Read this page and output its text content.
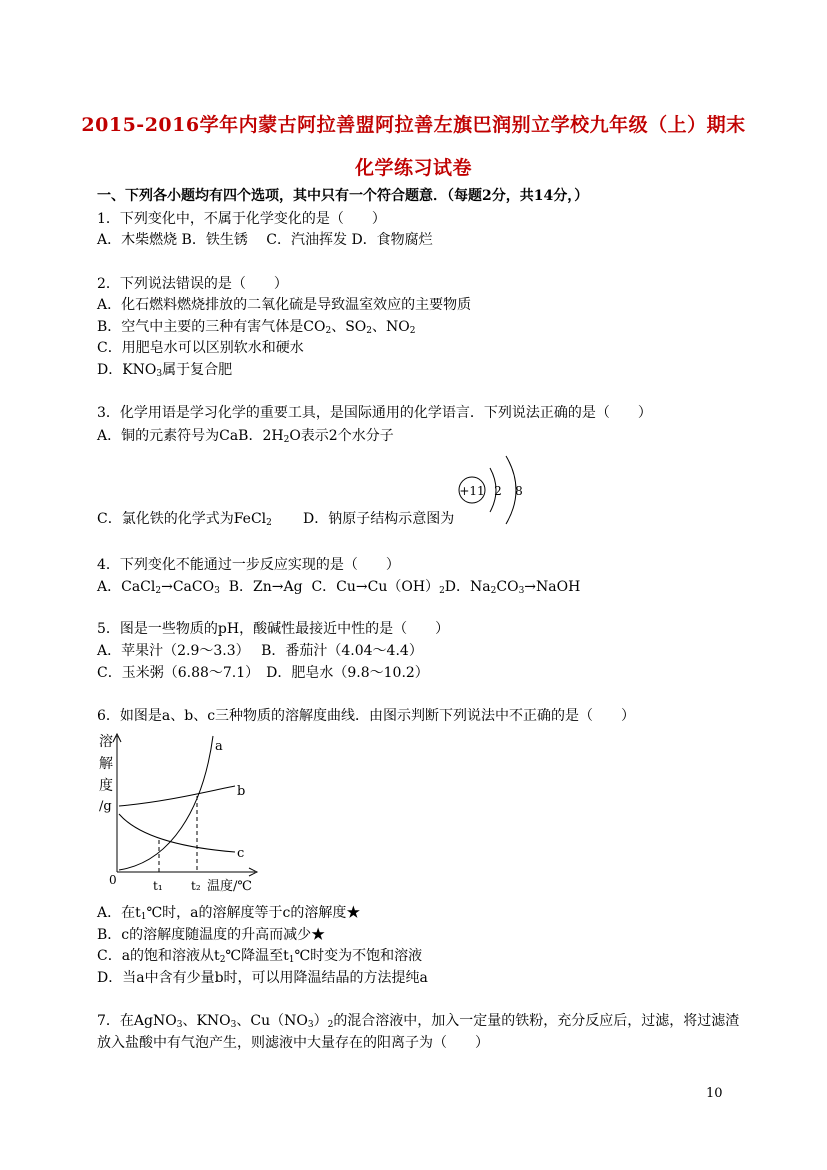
2015-2016学年内蒙古阿拉善盟阿拉善左旗巴润别立学校九年级（上）期末
化学练习试卷
一、下列各小题均有四个选项，其中只有一个符合题意．（每题2分，共14分，）
1．下列变化中，不属于化学变化的是（　　）
A．木柴燃烧 B．铁生锈　 C．汽油挥发 D．食物腐烂
2．下列说法错误的是（　　）
A．化石燃料燃烧排放的二氧化硫是导致温室效应的主要物质
B．空气中主要的三种有害气体是$CO_2$、$SO_2$、$NO_2$
C．用肥皂水可以区别软水和硬水
D．$KNO_3$属于复合肥
3．化学用语是学习化学的重要工具，是国际通用的化学语言．下列说法正确的是（　　）
A．铜的元素符号为CaB．$2H_2O$表示2个水分子
C．氯化铁的化学式为FeCl$_2$ D．钠原子结构示意图为
+11 2 8
4．下列变化不能通过一步反应实现的是（　　）
A．CaCl$_2$→CaCO$_3$ B．Zn→Ag C．$Cu\to Cu(OH)_2D$．$Na_2CO_3\to NaOH$
5．图是一些物质的pH，酸碱性最接近中性的是（　　）
A．苹果汁（2.9～3.3）　 B．番茄汁（4.04～4.4）
C．玉米粥（6.88～7.1）　D．肥皂水（9.8～10.2）
6．如图是a、b、c三种物质的溶解度曲线．由图示判断下列说法中不正确的是（　　）
溶
解
度
/g
a
b
c
0	t₁ t₂ 温度/℃
A．在$t_1℃$时，a的溶解度等于c的溶解度★
B．c的溶解度随温度的升高而减少★
C．a的饱和溶液从$t_2℃$降温至$t_1℃$时变为不饱和溶液
D．当a中含有少量b时，可以用降温结晶的方法提纯a
7．在AgNO$_3$、$KNO_3$、$Cu(NO_3)_2$的混合溶液中，加入一定量的铁粉，充分反应后，过滤，将过滤渣
放入盐酸中有气泡产生，则滤液中大量存在的阳离子为（　　）
10
